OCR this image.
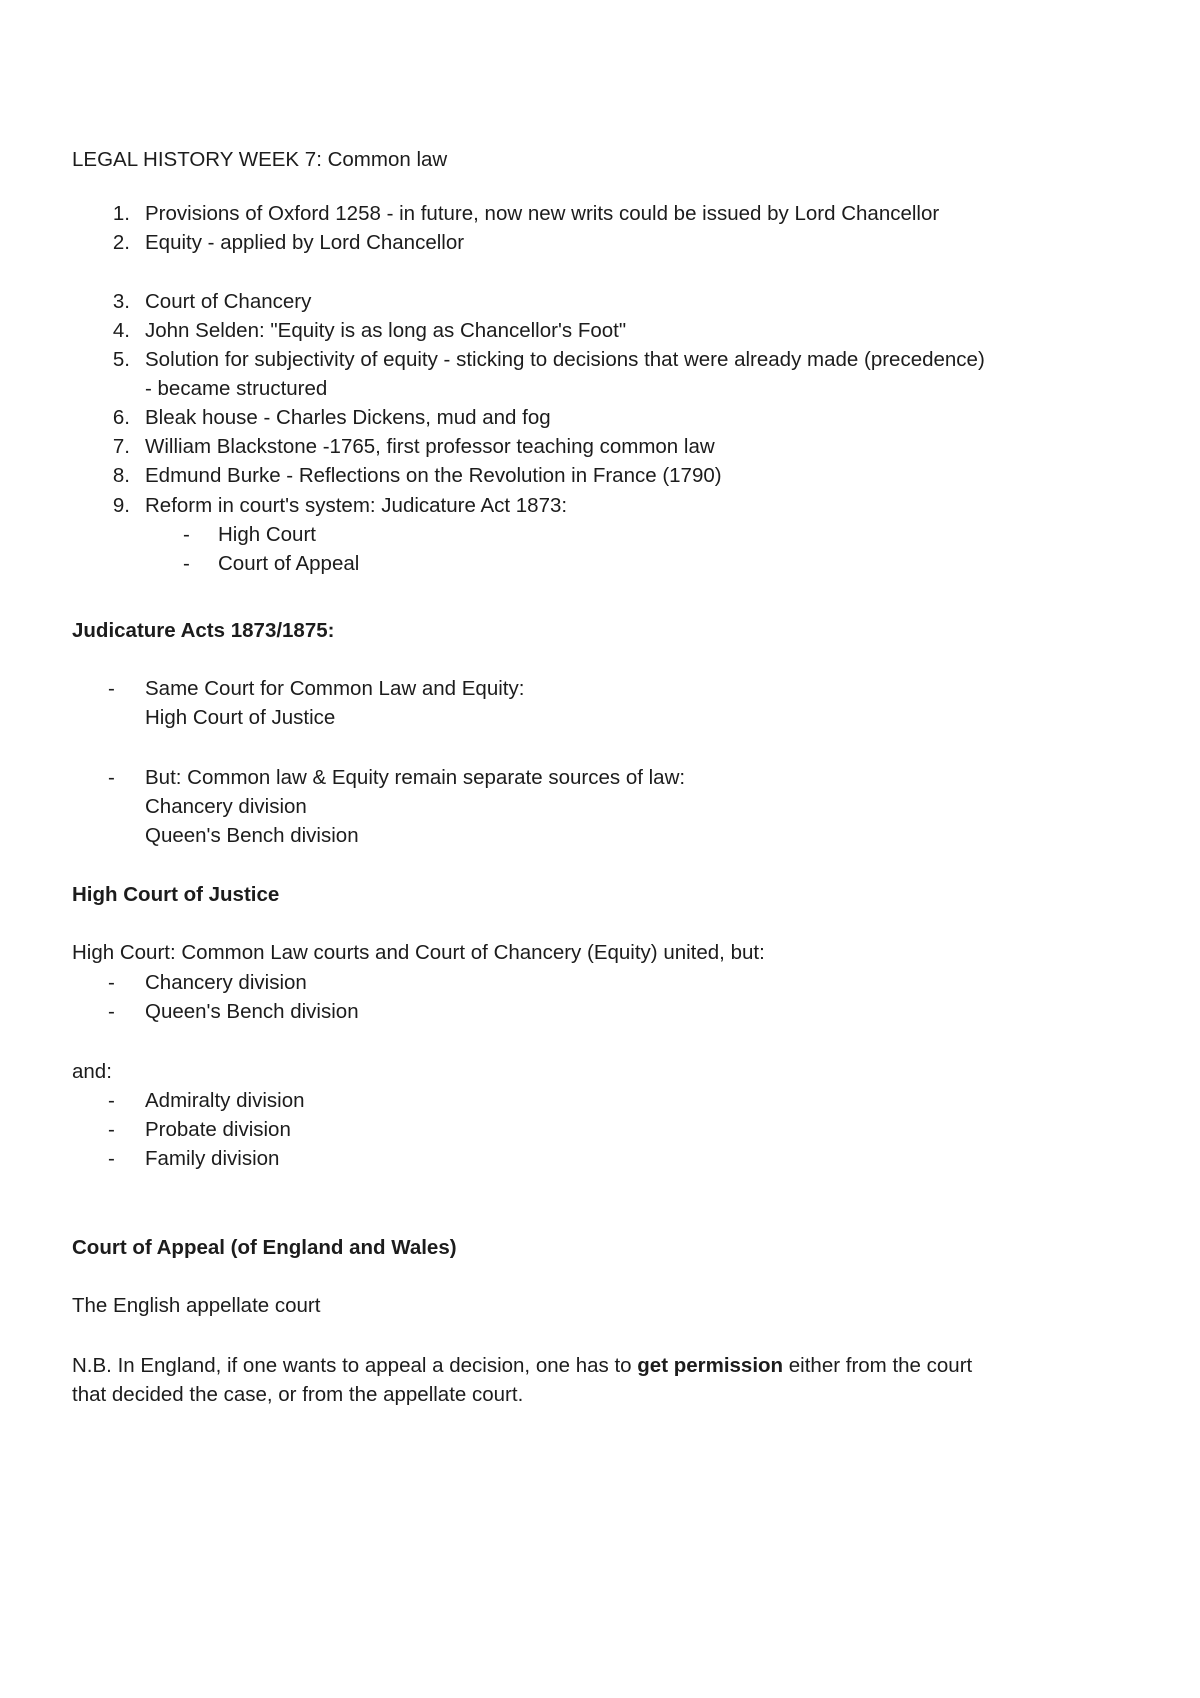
LEGAL HISTORY WEEK 7: Common law
1. Provisions of Oxford 1258 - in future, now new writs could be issued by Lord Chancellor
2. Equity - applied by Lord Chancellor
3. Court of Chancery
4. John Selden: "Equity is as long as Chancellor's Foot"
5. Solution for subjectivity of equity - sticking to decisions that were already made (precedence)
- became structured
6. Bleak house - Charles Dickens, mud and fog
7. William Blackstone -1765, first professor teaching common law
8. Edmund Burke - Reflections on the Revolution in France (1790)
9. Reform in court's system: Judicature Act 1873:
- High Court
- Court of Appeal
Judicature Acts 1873/1875:
- Same Court for Common Law and Equity:
High Court of Justice
- But: Common law & Equity remain separate sources of law:
Chancery division
Queen's Bench division
High Court of Justice
High Court: Common Law courts and Court of Chancery (Equity) united, but:
- Chancery division
- Queen's Bench division
and:
- Admiralty division
- Probate division
- Family division
Court of Appeal (of England and Wales)
The English appellate court
N.B. In England, if one wants to appeal a decision, one has to get permission either from the court
that decided the case, or from the appellate court.
